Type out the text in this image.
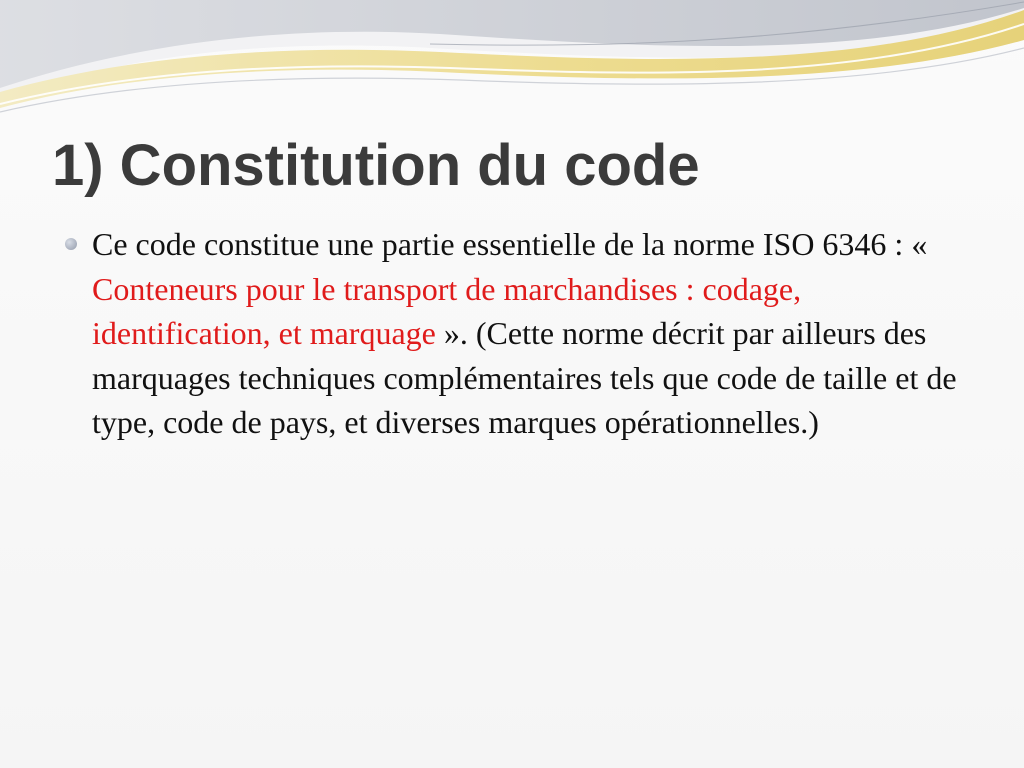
1) Constitution du code
Ce code constitue une partie essentielle de la norme ISO 6346 : « Conteneurs pour le transport de marchandises : codage, identification, et marquage ». (Cette norme décrit par ailleurs des marquages techniques complémentaires tels que code de taille et de type, code de pays, et diverses marques opérationnelles.)
